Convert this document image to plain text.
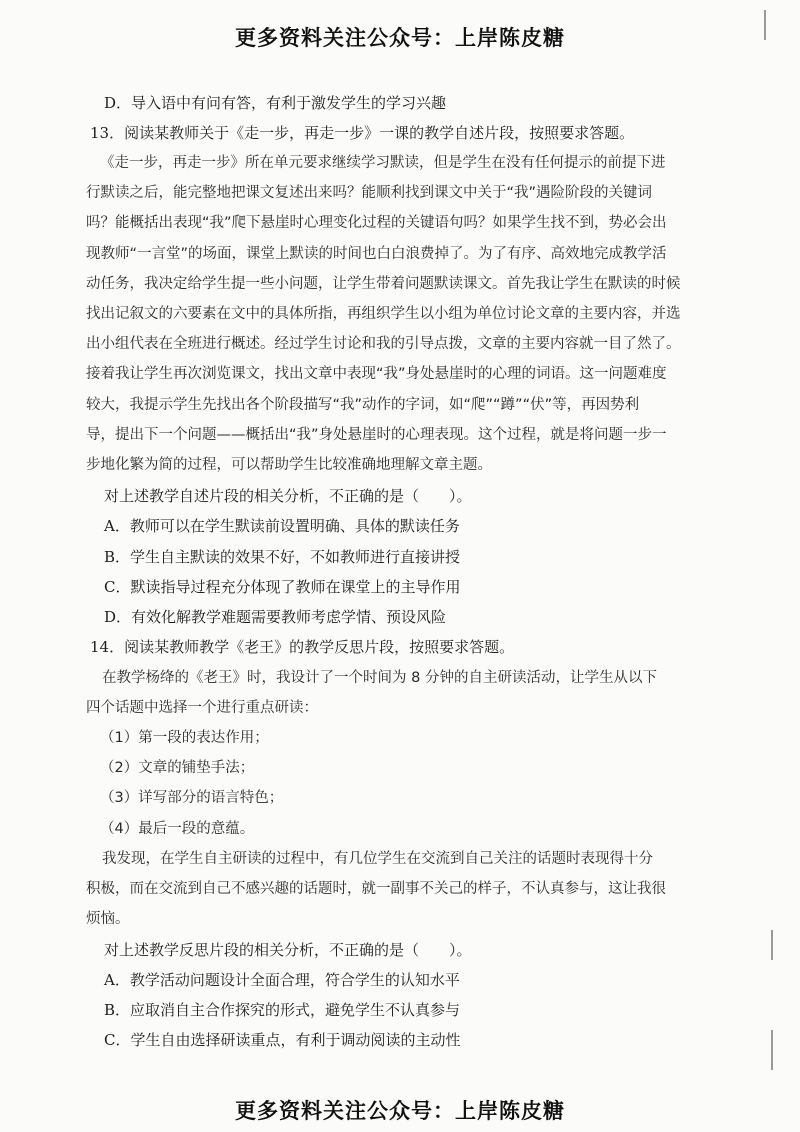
更多资料关注公众号：上岸陈皮糖
D．导入语中有问有答，有利于激发学生的学习兴趣
13．阅读某教师关于《走一步，再走一步》一课的教学自述片段，按照要求答题。
《走一步，再走一步》所在单元要求继续学习默读，但是学生在没有任何提示的前提下进
行默读之后，能完整地把课文复述出来吗？能顺利找到课文中关于“我”遇险阶段的关键词
吗？能概括出表现“我”爬下悬崖时心理变化过程的关键语句吗？如果学生找不到，势必会出
现教师“一言堂”的场面，课堂上默读的时间也白白浪费掉了。为了有序、高效地完成教学活
动任务，我决定给学生提一些小问题，让学生带着问题默读课文。首先我让学生在默读的时候
找出记叙文的六要素在文中的具体所指，再组织学生以小组为单位讨论文章的主要内容，并选
出小组代表在全班进行概述。经过学生讨论和我的引导点拨，文章的主要内容就一目了然了。
接着我让学生再次浏览课文，找出文章中表现“我”身处悬崖时的心理的词语。这一问题难度
较大，我提示学生先找出各个阶段描写“我”动作的字词，如“爬”“蹲”“伏”等，再因势利
导，提出下一个问题——概括出“我”身处悬崖时的心理表现。这个过程，就是将问题一步一
步地化繁为简的过程，可以帮助学生比较准确地理解文章主题。
对上述教学自述片段的相关分析，不正确的是（　　）。
A．教师可以在学生默读前设置明确、具体的默读任务
B．学生自主默读的效果不好，不如教师进行直接讲授
C．默读指导过程充分体现了教师在课堂上的主导作用
D．有效化解教学难题需要教师考虑学情、预设风险
14．阅读某教师教学《老王》的教学反思片段，按照要求答题。
在教学杨绛的《老王》时，我设计了一个时间为 8 分钟的自主研读活动，让学生从以下
四个话题中选择一个进行重点研读：
（1）第一段的表达作用；
（2）文章的铺垫手法；
（3）详写部分的语言特色；
（4）最后一段的意蕴。
我发现，在学生自主研读的过程中，有几位学生在交流到自己关注的话题时表现得十分
积极，而在交流到自己不感兴趣的话题时，就一副事不关己的样子，不认真参与，这让我很
烦恼。
对上述教学反思片段的相关分析，不正确的是（　　）。
A．教学活动问题设计全面合理，符合学生的认知水平
B．应取消自主合作探究的形式，避免学生不认真参与
C．学生自由选择研读重点，有利于调动阅读的主动性
更多资料关注公众号：上岸陈皮糖
